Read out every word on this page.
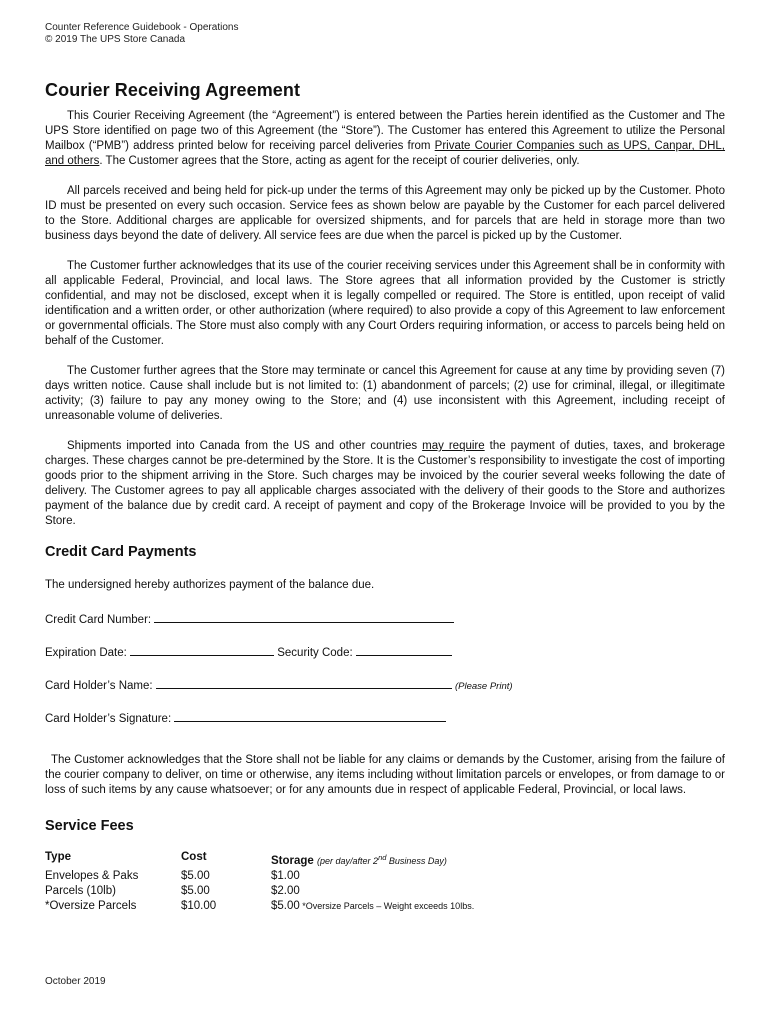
Counter Reference Guidebook - Operations
© 2019 The UPS Store Canada
Courier Receiving Agreement

This Courier Receiving Agreement (the “Agreement”) is entered between the Parties herein identified as the Customer and The UPS Store identified on page two of this Agreement (the “Store”). The Customer has entered this Agreement to utilize the Personal Mailbox (“PMB”) address printed below for receiving parcel deliveries from Private Courier Companies such as UPS, Canpar, DHL, and others. The Customer agrees that the Store, acting as agent for the receipt of courier deliveries, only.

All parcels received and being held for pick-up under the terms of this Agreement may only be picked up by the Customer. Photo ID must be presented on every such occasion. Service fees as shown below are payable by the Customer for each parcel delivered to the Store. Additional charges are applicable for oversized shipments, and for parcels that are held in storage more than two business days beyond the date of delivery. All service fees are due when the parcel is picked up by the Customer.

The Customer further acknowledges that its use of the courier receiving services under this Agreement shall be in conformity with all applicable Federal, Provincial, and local laws. The Store agrees that all information provided by the Customer is strictly confidential, and may not be disclosed, except when it is legally compelled or required. The Store is entitled, upon receipt of valid identification and a written order, or other authorization (where required) to also provide a copy of this Agreement to law enforcement or governmental officials. The Store must also comply with any Court Orders requiring information, or access to parcels being held on behalf of the Customer.

The Customer further agrees that the Store may terminate or cancel this Agreement for cause at any time by providing seven (7) days written notice. Cause shall include but is not limited to: (1) abandonment of parcels; (2) use for criminal, illegal, or illegitimate activity; (3) failure to pay any money owing to the Store; and (4) use inconsistent with this Agreement, including receipt of unreasonable volume of deliveries.

Shipments imported into Canada from the US and other countries may require the payment of duties, taxes, and brokerage charges. These charges cannot be pre-determined by the Store. It is the Customer’s responsibility to investigate the cost of importing goods prior to the shipment arriving in the Store. Such charges may be invoiced by the courier several weeks following the date of delivery. The Customer agrees to pay all applicable charges associated with the delivery of their goods to the Store and authorizes payment of the balance due by credit card. A receipt of payment and copy of the Brokerage Invoice will be provided to you by the Store.

Credit Card Payments
The undersigned hereby authorizes payment of the balance due.
Credit Card Number:
Expiration Date:	Security Code:
Card Holder’s Name:	(Please Print)
Card Holder’s Signature:

The Customer acknowledges that the Store shall not be liable for any claims or demands by the Customer, arising from the failure of the courier company to deliver, on time or otherwise, any items including without limitation parcels or envelopes, or from damage to or loss of such items by any cause whatsoever; or for any amounts due in respect of applicable Federal, Provincial, or local laws.

Service Fees
Type	Cost	Storage (per day/after 2nd Business Day)
Envelopes & Paks	$5.00	$1.00
Parcels (10lb)	$5.00	$2.00
*Oversize Parcels	$10.00	$5.00 *Oversize Parcels – Weight exceeds 10lbs.
October 2019
